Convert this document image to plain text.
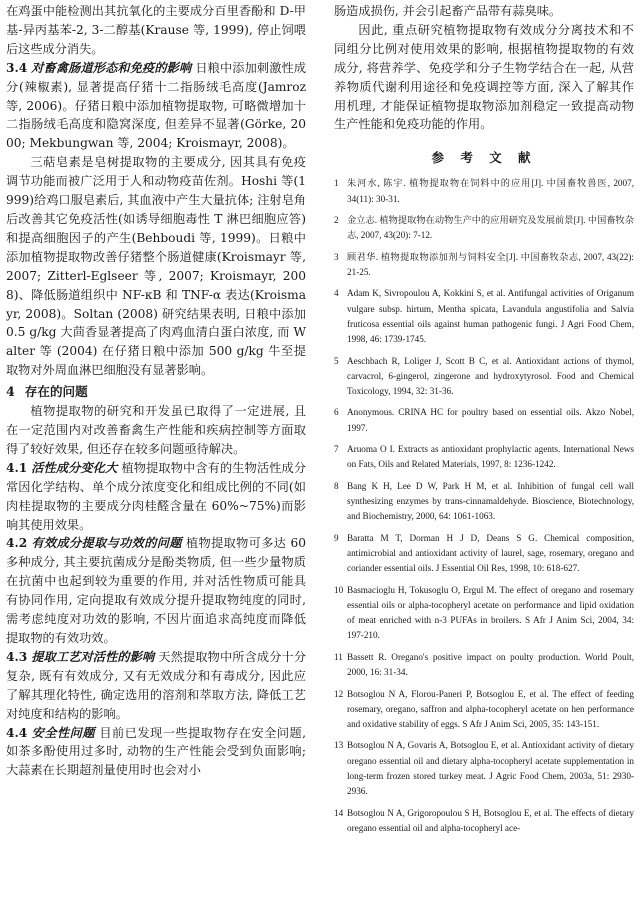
在鸡蛋中能检测出其抗氧化的主要成分百里香酚和 D-甲基-异丙基苯-2, 3-二醇基(Krause 等, 1999), 停止饲喂后这些成分消失。

3.4 对畜禽肠道形态和免疫的影响 日粮中添加刺激性成分(辣椒素), 显著提高仔猪十二指肠绒毛高度(Jamroz 等, 2006)。仔猪日粮中添加植物提取物, 可略微增加十二指肠绒毛高度和隐窝深度, 但差异不显著(Görke, 2000; Mekbungwan 等, 2004; Kroismayr, 2008)。

三萜皂素是皂树提取物的主要成分, 因其具有免疫调节功能而被广泛用于人和动物疫苗佐剂。Hoshi 等(1999)给鸡口服皂素后, 其血液中产生大量抗体; 注射皂角后改善其它免疫活性(如诱导细胞毒性 T 淋巴细胞应答)和提高细胞因子的产生(Behboudi 等, 1999)。日粮中添加植物提取物改善仔猪整个肠道健康(Kroismayr 等, 2007; Zitterl-Eglseer 等, 2007; Kroismayr, 2008)、降低肠道组织中 NF-κB 和 TNF-α 表达(Kroismayr, 2008)。Soltan (2008) 研究结果表明, 日粮中添加 0.5 g/kg 大茴香显著提高了肉鸡血清白蛋白浓度, 而 Walter 等 (2004) 在仔猪日粮中添加 500 g/kg 牛至提取物对外周血淋巴细胞没有显著影响。

4 存在的问题

植物提取物的研究和开发虽已取得了一定进展, 且在一定范围内对改善畜禽生产性能和疾病控制等方面取得了较好效果, 但还存在较多问题亟待解决。

4.1 活性成分变化大 植物提取物中含有的生物活性成分常因化学结构、单个成分浓度变化和组成比例的不同(如肉桂提取物的主要成分肉桂醛含量在 60%~75%)而影响其使用效果。

4.2 有效成分提取与功效的问题 植物提取物可多达 60 多种成分, 其主要抗菌成分是酚类物质, 但一些少量物质在抗菌中也起到较为重要的作用, 并对活性物质可能具有协同作用, 定向提取有效成分提升提取物纯度的同时, 需考虑纯度对功效的影响, 不因片面追求高纯度而降低提取物的有效功效。

4.3 提取工艺对活性的影响 天然提取物中所含成分十分复杂, 既有有效成分, 又有无效成分和有毒成分, 因此应了解其理化特性, 确定选用的溶剂和萃取方法, 降低工艺对纯度和结构的影响。

4.4 安全性问题 目前已发现一些提取物存在安全问题, 如茶多酚使用过多时, 动物的生产性能会受到负面影响; 大蒜素在长期超剂量使用时也会对小

肠造成损伤, 并会引起畜产品带有蒜臭味。

因此, 重点研究植物提取物有效成分分离技术和不同组分比例对使用效果的影响, 根据植物提取物的有效成分, 将营养学、免疫学和分子生物学结合在一起, 从营养物质代谢利用途径和免疫调控等方面, 深入了解其作用机理, 才能保证植物提取物添加剂稳定一致提高动物生产性能和免疫功能的作用。

参 考 文 献
1 朱河水, 陈宇. 植物提取物在饲料中的应用[J]. 中国畜牧兽医, 2007, 34(11): 30-31.
2 金立志. 植物提取物在动物生产中的应用研究及发展前景[J]. 中国畜牧杂志, 2007, 43(20): 7-12.
3 顾君华. 植物提取物添加剂与饲料安全[J]. 中国畜牧杂志, 2007, 43(22): 21-25.
4 Adam K, Sivropoulou A, Kokkini S, et al. Antifungal activities of Origanum vulgare subsp. hirtum, Mentha spicata, Lavandula angustifolia and Salvia fruticosa essential oils against human pathogenic fungi. J Agri Food Chem, 1998, 46: 1739-1745.
5 Aeschbach R, Loliger J, Scott B C, et al. Antioxidant actions of thymol, carvacrol, 6-gingerol, zingerone and hydroxytyrosol. Food and Chemical Toxicology, 1994, 32: 31-36.
6 Anonymous. CRINA HC for poultry based on essential oils. Akzo Nobel, 1997.
7 Aruoma O I. Extracts as antioxidant prophylactic agents. International News on Fats, Oils and Related Materials, 1997, 8: 1236-1242.
8 Bang K H, Lee D W, Park H M, et al. Inhibition of fungal cell wall synthesizing enzymes by trans-cinnamaldehyde. Bioscience, Biotechnology, and Biochemistry, 2000, 64: 1061-1063.
9 Baratta M T, Dorman H J D, Deans S G. Chemical composition, antimicrobial and antioxidant activity of laurel, sage, rosemary, oregano and coriander essential oils. J Essential Oil Res, 1998, 10: 618-627.
10 Basmacioglu H, Tokusoglu O, Ergul M. The effect of oregano and rosemary essential oils or alpha-tocopheryl acetate on performance and lipid oxidation of meat enriched with n-3 PUFAs in broilers. S Afr J Anim Sci, 2004, 34: 197-210.
11 Bassett R. Oregano's positive impact on poulty production. World Poult, 2000, 16: 31-34.
12 Botsoglou N A, Florou-Paneri P, Botsoglou E, et al. The effect of feeding rosemary, oregano, saffron and alpha-tocopheryl acetate on hen performance and oxidative stability of eggs. S Afr J Anim Sci, 2005, 35: 143-151.
13 Botsoglou N A, Govaris A, Botsoglou E, et al. Antioxidant activity of dietary oregano essential oil and dietary alpha-tocopheryl acetate supplementation in long-term frozen stored turkey meat. J Agric Food Chem, 2003a, 51: 2930-2936.
14 Botsoglou N A, Grigoropoulou S H, Botsoglou E, et al. The effects of dietary oregano essential oil and alpha-tocopheryl ace-
